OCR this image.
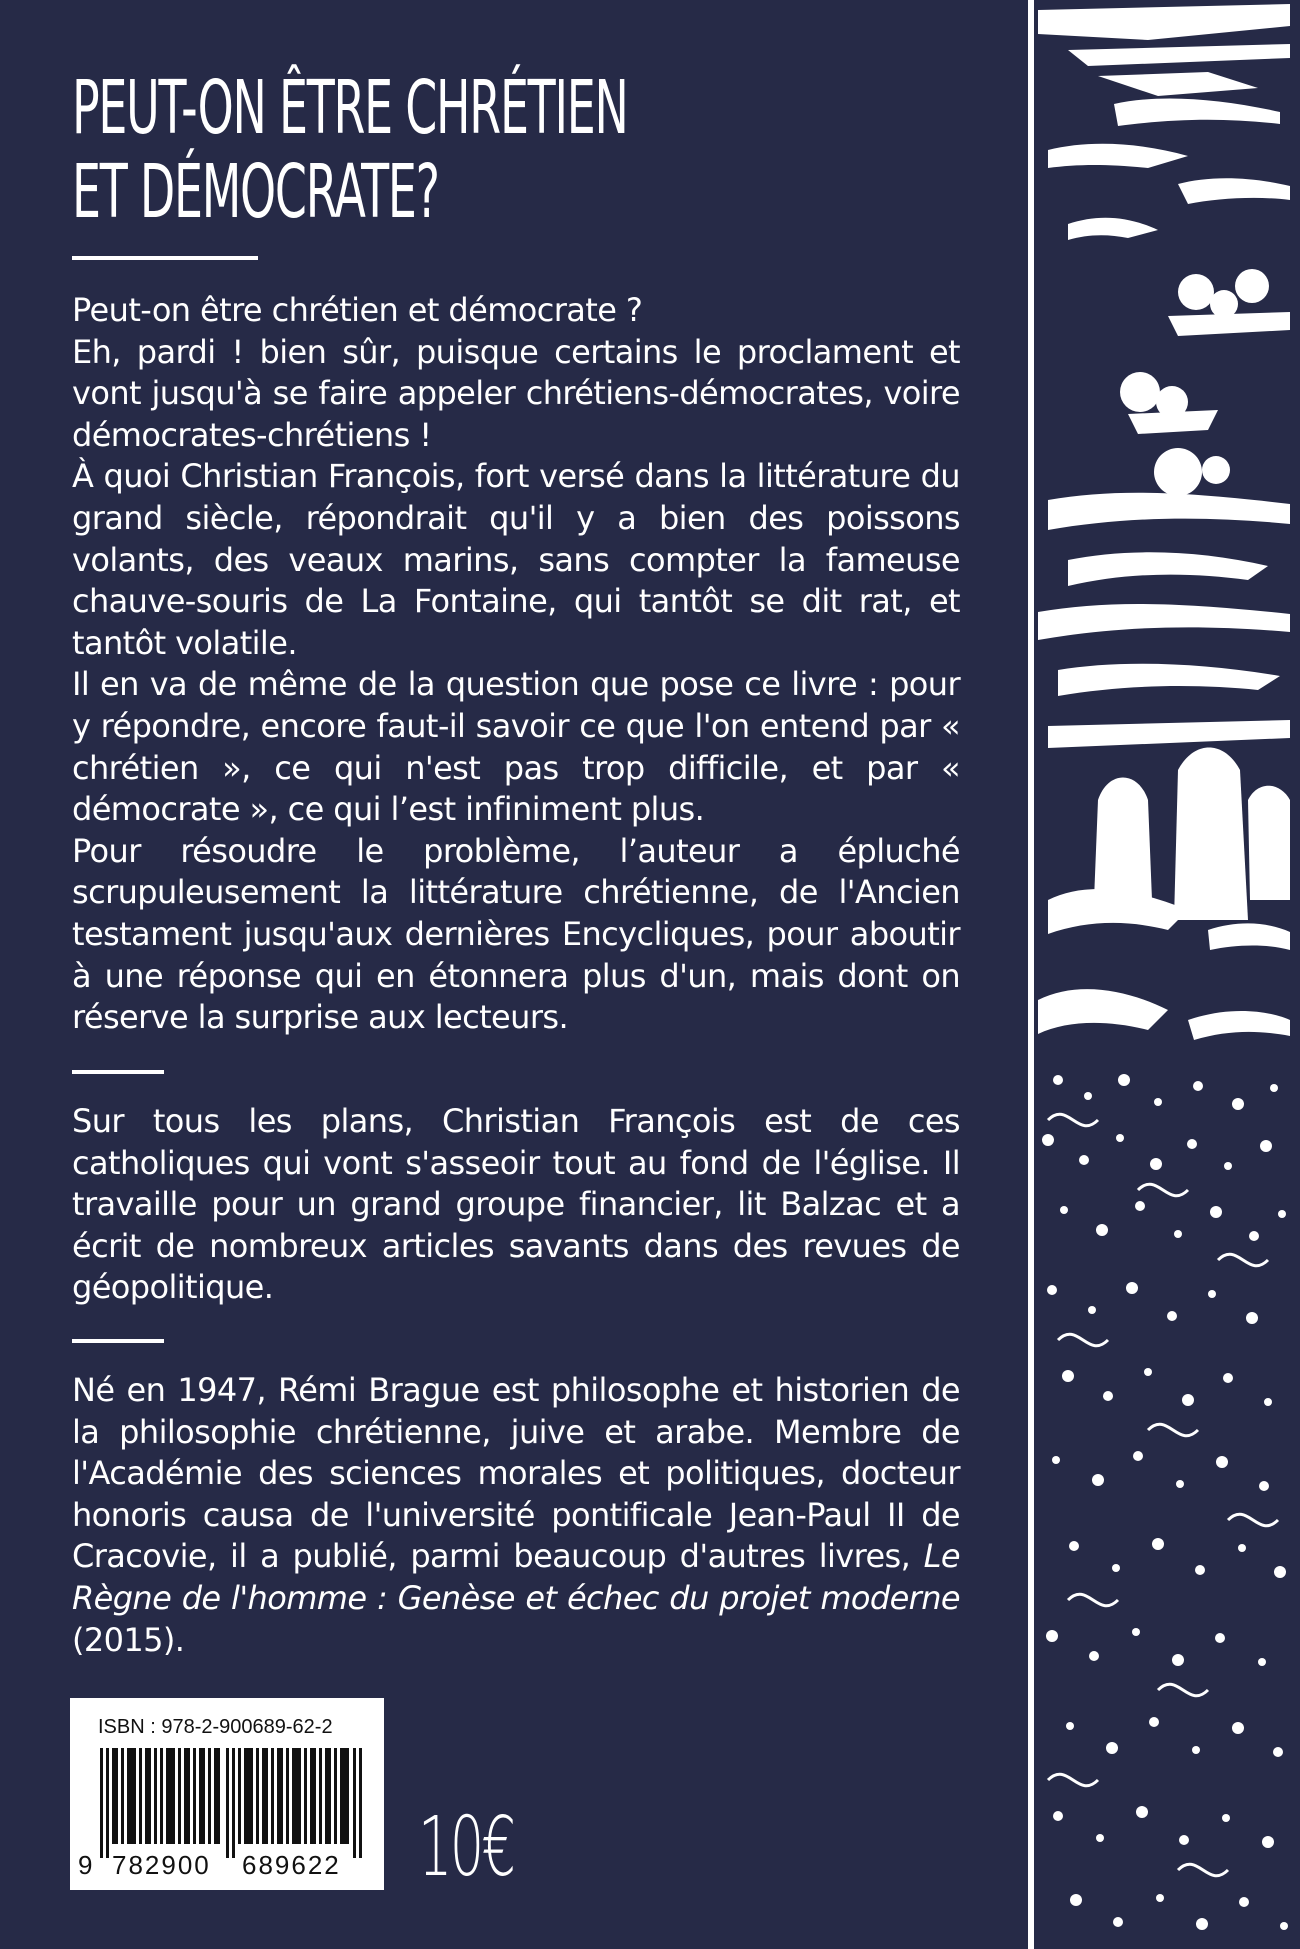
PEUT-ON ÊTRE CHRÉTIEN
ET DÉMOCRATE?

Peut-on être chrétien et démocrate ?

Eh, pardi ! bien sûr, puisque certains le proclament et vont jusqu'à se faire appeler chrétiens-démocrates, voire démocrates-chrétiens !

À quoi Christian François, fort versé dans la littérature du grand siècle, répondrait qu'il y a bien des poissons volants, des veaux marins, sans compter la fameuse chauve-souris de La Fontaine, qui tantôt se dit rat, et tantôt volatile.

Il en va de même de la question que pose ce livre : pour y répondre, encore faut-il savoir ce que l'on entend par « chrétien », ce qui n'est pas trop difficile, et par « démocrate », ce qui l’est infiniment plus.

Pour résoudre le problème, l’auteur a épluché scrupuleusement la littérature chrétienne, de l'Ancien testament jusqu'aux dernières Encycliques, pour aboutir à une réponse qui en étonnera plus d'un, mais dont on réserve la surprise aux lecteurs.

Sur tous les plans, Christian François est de ces catholiques qui vont s'asseoir tout au fond de l'église. Il travaille pour un grand groupe financier, lit Balzac et a écrit de nombreux articles savants dans des revues de géopolitique.

Né en 1947, Rémi Brague est philosophe et historien de la philosophie chrétienne, juive et arabe. Membre de l'Académie des sciences morales et politiques, docteur honoris causa de l'université pontificale Jean-Paul II de Cracovie, il a publié, parmi beaucoup d'autres livres, Le Règne de l'homme : Genèse et échec du projet moderne (2015).

ISBN : 978-2-900689-62-2
9 782900 689622 10€
